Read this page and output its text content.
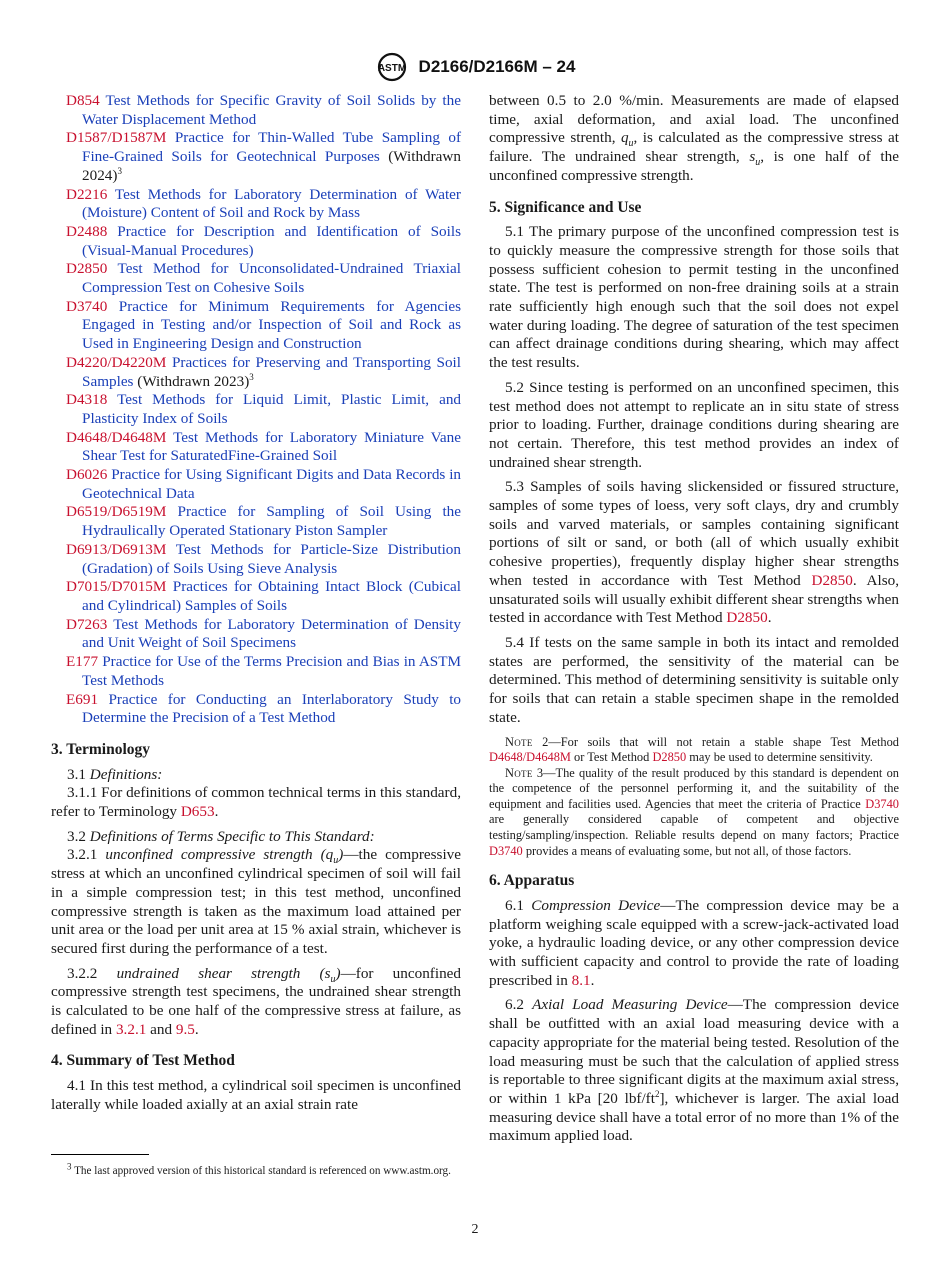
ASTM D2166/D2166M – 24

D854 Test Methods for Specific Gravity of Soil Solids by the Water Displacement Method

D1587/D1587M Practice for Thin-Walled Tube Sampling of Fine-Grained Soils for Geotechnical Purposes (Withdrawn 2024)$^3$

D2216 Test Methods for Laboratory Determination of Water (Moisture) Content of Soil and Rock by Mass

D2488 Practice for Description and Identification of Soils (Visual-Manual Procedures)

D2850 Test Method for Unconsolidated-Undrained Triaxial Compression Test on Cohesive Soils

D3740 Practice for Minimum Requirements for Agencies Engaged in Testing and/or Inspection of Soil and Rock as Used in Engineering Design and Construction

D4220/D4220M Practices for Preserving and Transporting Soil Samples (Withdrawn 2023)$^3$

D4318 Test Methods for Liquid Limit, Plastic Limit, and Plasticity Index of Soils

D4648/D4648M Test Methods for Laboratory Miniature Vane Shear Test for SaturatedFine-Grained Soil

D6026 Practice for Using Significant Digits and Data Records in Geotechnical Data

D6519/D6519M Practice for Sampling of Soil Using the Hydraulically Operated Stationary Piston Sampler

D6913/D6913M Test Methods for Particle-Size Distribution (Gradation) of Soils Using Sieve Analysis

D7015/D7015M Practices for Obtaining Intact Block (Cubical and Cylindrical) Samples of Soils

D7263 Test Methods for Laboratory Determination of Density and Unit Weight of Soil Specimens

E177 Practice for Use of the Terms Precision and Bias in ASTM Test Methods

E691 Practice for Conducting an Interlaboratory Study to Determine the Precision of a Test Method

3. Terminology

3.1 Definitions:

3.1.1 For definitions of common technical terms in this standard, refer to Terminology D653.

3.2 Definitions of Terms Specific to This Standard:

3.2.1 unconfined compressive strength $(q_u)—the$ compressive stress at which an unconfined cylindrical specimen of soil will fail in a simple compression test; in this test method, unconfined compressive strength is taken as the maximum load attained per unit area or the load per unit area at 15 % axial strain, whichever is secured first during the performance of a test.

3.2.2 undrained shear strength $(s_u)—for$ unconfined compressive strength test specimens, the undrained shear strength is calculated to be one half of the compressive stress at failure, as defined in 3.2.1 and 9.5.

4. Summary of Test Method

4.1 In this test method, a cylindrical soil specimen is unconfined laterally while loaded axially at an axial strain rate

$^3$ The last approved version of this historical standard is referenced on www.astm.org.

between 0.5 to 2.0 %/min. Measurements are made of elapsed time, axial deformation, and axial load. The unconfined compressive strenth, $q_u$, is calculated as the compressive stress at failure. The undrained shear strength, $s_u$, is one half of the unconfined compressive strength.

5. Significance and Use

5.1 The primary purpose of the unconfined compression test is to quickly measure the compressive strength for those soils that possess sufficient cohesion to permit testing in the unconfined state. The test is performed on non-free draining soils at a strain rate sufficiently high enough such that the soil does not expel water during loading. The degree of saturation of the test specimen can affect drainage conditions during shearing, which may affect the test results.

5.2 Since testing is performed on an unconfined specimen, this test method does not attempt to replicate an in situ state of stress prior to loading. Further, drainage conditions during shearing are not certain. Therefore, this test method provides an index of undrained shear strength.

5.3 Samples of soils having slickensided or fissured structure, samples of some types of loess, very soft clays, dry and crumbly soils and varved materials, or samples containing significant portions of silt or sand, or both (all of which usually exhibit cohesive properties), frequently display higher shear strengths when tested in accordance with Test Method D2850. Also, unsaturated soils will usually exhibit different shear strengths when tested in accordance with Test Method D2850.

5.4 If tests on the same sample in both its intact and remolded states are performed, the sensitivity of the material can be determined. This method of determining sensitivity is suitable only for soils that can retain a stable specimen shape in the remolded state.

Note 2—For soils that will not retain a stable shape Test Method D4648/D4648M or Test Method D2850 may be used to determine sensitivity.

Note 3—The quality of the result produced by this standard is dependent on the competence of the personnel performing it, and the suitability of the equipment and facilities used. Agencies that meet the criteria of Practice D3740 are generally considered capable of competent and objective testing/sampling/inspection. Reliable results depend on many factors; Practice D3740 provides a means of evaluating some, but not all, of those factors.

6. Apparatus

6.1 Compression Device—The compression device may be a platform weighing scale equipped with a screw-jack-activated load yoke, a hydraulic loading device, or any other compression device with sufficient capacity and control to provide the rate of loading prescribed in 8.1.

6.2 Axial Load Measuring Device—The compression device shall be outfitted with an axial load measuring device with a capacity appropriate for the material being tested. Resolution of the load measuring must be such that the calculation of applied stress is reportable to three significant digits at the maximum axial stress, or within 1 kPa [20 lbf/$ft^2$], whichever is larger. The axial load measuring device shall have a total error of no more than 1% of the maximum applied load.

2
